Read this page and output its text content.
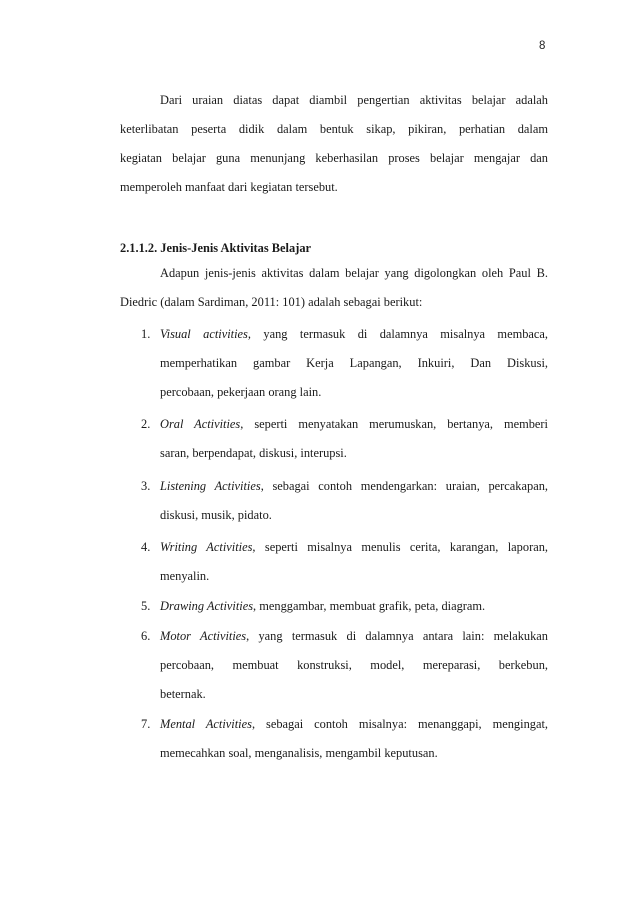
8
Dari uraian diatas dapat diambil pengertian aktivitas belajar adalah
keterlibatan peserta didik dalam bentuk sikap, pikiran, perhatian dalam
kegiatan belajar guna menunjang keberhasilan proses belajar mengajar dan
memperoleh manfaat dari kegiatan tersebut.
2.1.1.2. Jenis-Jenis Aktivitas Belajar
Adapun jenis-jenis aktivitas dalam belajar yang digolongkan oleh Paul B.
Diedric (dalam Sardiman, 2011: 101) adalah sebagai berikut:
1. Visual activities, yang termasuk di dalamnya misalnya membaca,
memperhatikan gambar Kerja Lapangan, Inkuiri, Dan Diskusi,
percobaan, pekerjaan orang lain.
2. Oral Activities, seperti menyatakan merumuskan, bertanya, memberi
saran, berpendapat, diskusi, interupsi.
3. Listening Activities, sebagai contoh mendengarkan: uraian, percakapan,
diskusi, musik, pidato.
4. Writing Activities, seperti misalnya menulis cerita, karangan, laporan,
menyalin.
5. Drawing Activities, menggambar, membuat grafik, peta, diagram.
6. Motor Activities, yang termasuk di dalamnya antara lain: melakukan
percobaan, membuat konstruksi, model, mereparasi, berkebun,
beternak.
7. Mental Activities, sebagai contoh misalnya: menanggapi, mengingat,
memecahkan soal, menganalisis, mengambil keputusan.
